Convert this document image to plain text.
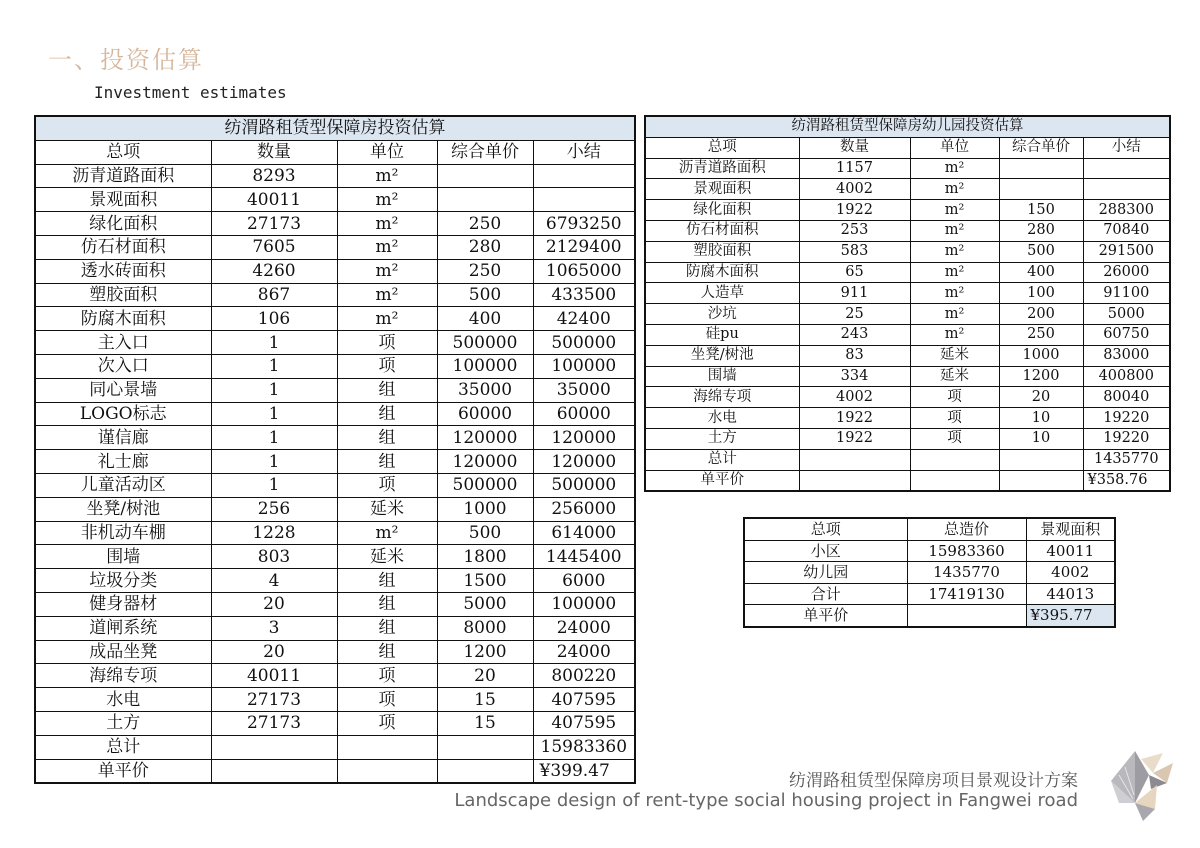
一、投资估算
Investment estimates
纺渭路租赁型保障房投资估算				
总项	数量	单位	综合单价	小结
沥青道路面积	8293	m²		
景观面积	40011	m²		
绿化面积	27173	m²	250	6793250
仿石材面积	7605	m²	280	2129400
透水砖面积	4260	m²	250	1065000
塑胶面积	867	m²	500	433500
防腐木面积	106	m²	400	42400
主入口	1	项	500000	500000
次入口	1	项	100000	100000
同心景墙	1	组	35000	35000
LOGO标志	1	组	60000	60000
谨信廊	1	组	120000	120000
礼士廊	1	组	120000	120000
儿童活动区	1	项	500000	500000
坐凳/树池	256	延米	1000	256000
非机动车棚	1228	m²	500	614000
围墙	803	延米	1800	1445400
垃圾分类	4	组	1500	6000
健身器材	20	组	5000	100000
道闸系统	3	组	8000	24000
成品坐凳	20	组	1200	24000
海绵专项	40011	项	20	800220
水电	27173	项	15	407595
土方	27173	项	15	407595
总计				15983360
单平价				¥399.47
纺渭路租赁型保障房幼儿园投资估算				
总项	数量	单位	综合单价	小结
沥青道路面积	1157	m²		
景观面积	4002	m²		
绿化面积	1922	m²	150	288300
仿石材面积	253	m²	280	70840
塑胶面积	583	m²	500	291500
防腐木面积	65	m²	400	26000
人造草	911	m²	100	91100
沙坑	25	m²	200	5000
硅pu	243	m²	250	60750
坐凳/树池	83	延米	1000	83000
围墙	334	延米	1200	400800
海绵专项	4002	项	20	80040
水电	1922	项	10	19220
土方	1922	项	10	19220
总计				1435770
单平价				¥358.76
总项	总造价	景观面积
小区	15983360	40011
幼儿园	1435770	4002
合计	17419130	44013
单平价		¥395.77
纺渭路租赁型保障房项目景观设计方案
Landscape design of rent-type social housing project in Fangwei road
